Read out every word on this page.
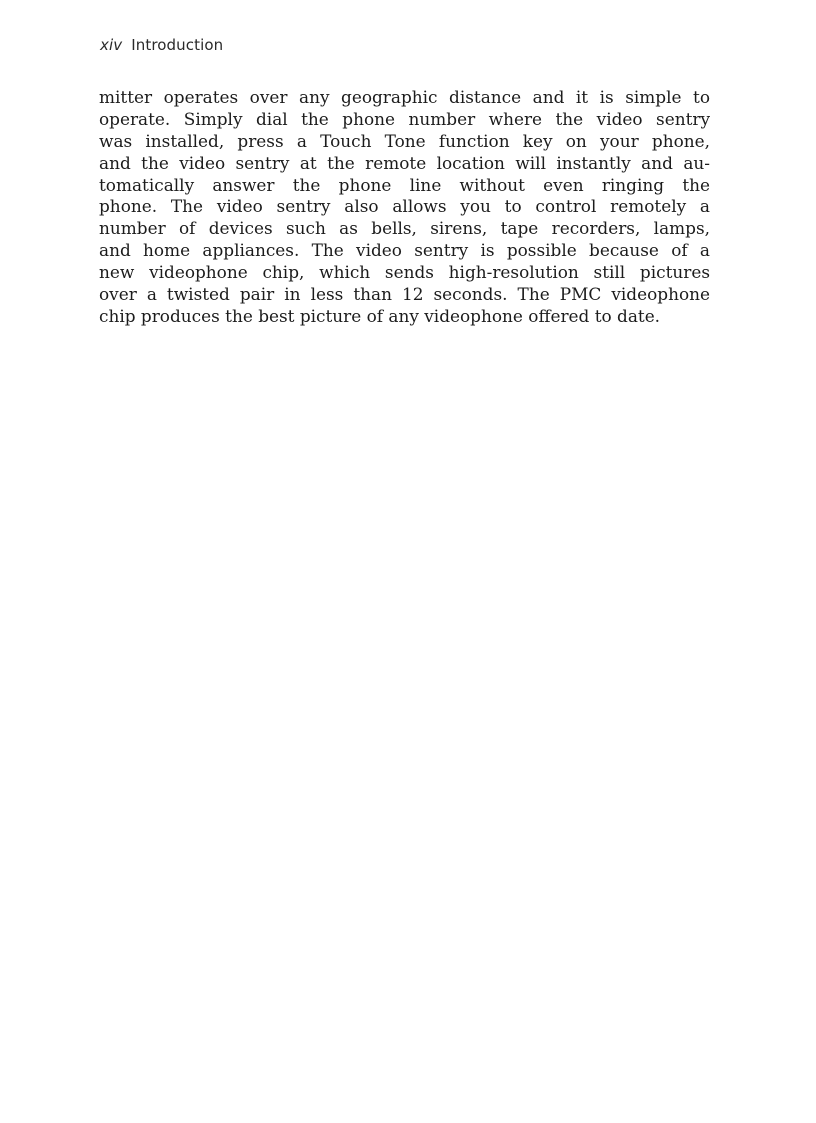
xiv Introduction
mitter operates over any geographic distance and it is simple to
operate. Simply dial the phone number where the video sentry
was installed, press a Touch Tone function key on your phone,
and the video sentry at the remote location will instantly and au-
tomatically answer the phone line without even ringing the
phone. The video sentry also allows you to control remotely a
number of devices such as bells, sirens, tape recorders, lamps,
and home appliances. The video sentry is possible because of a
new videophone chip, which sends high-resolution still pictures
over a twisted pair in less than 12 seconds. The PMC videophone
chip produces the best picture of any videophone offered to date.
